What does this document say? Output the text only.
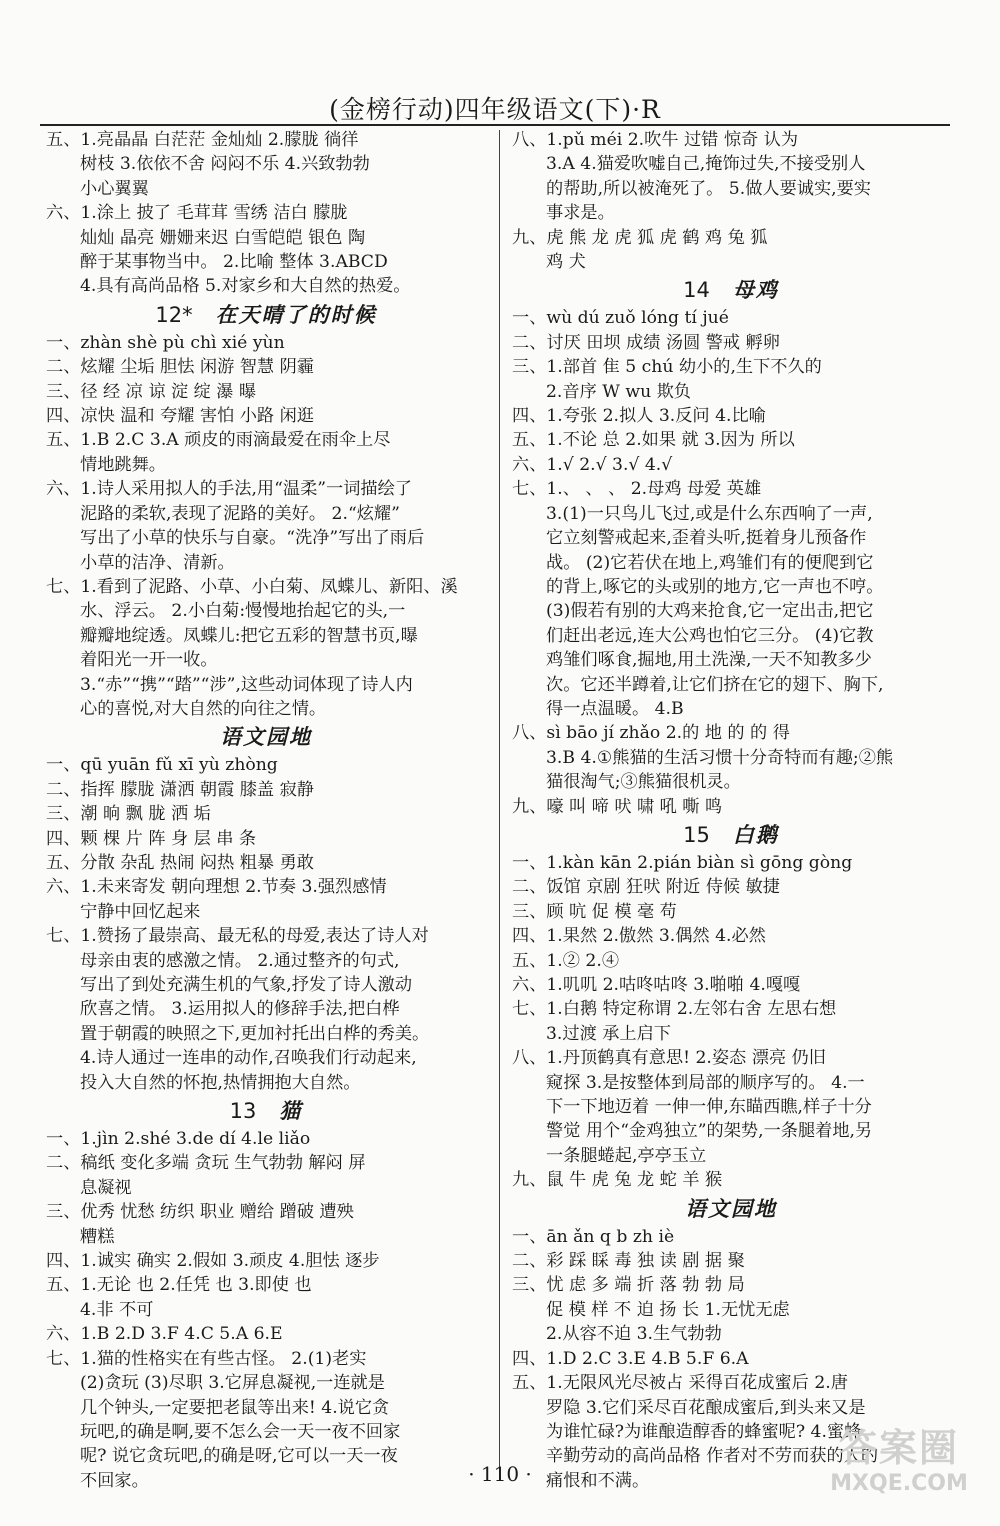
(金榜行动)四年级语文(下)·R
五、1.亮晶晶 白茫茫 金灿灿 2.朦胧 徜徉
树枝 3.依依不舍 闷闷不乐 4.兴致勃勃
小心翼翼
六、1.涂上 披了 毛茸茸 雪绣 洁白 朦胧
灿灿 晶亮 姗姗来迟 白雪皑皑 银色 陶
醉于某事物当中。 2.比喻 整体 3.ABCD
4.具有高尚品格 5.对家乡和大自然的热爱。
12*  在天晴了的时候
一、zhàn shè pù chì xié yùn
二、炫耀 尘垢 胆怯 闲游 智慧 阴霾
三、径 经 凉 谅 淀 绽 瀑 曝
四、凉快 温和 夸耀 害怕 小路 闲逛
五、1.B 2.C 3.A 顽皮的雨滴最爱在雨伞上尽
情地跳舞。
六、1.诗人采用拟人的手法,用“温柔”一词描绘了
泥路的柔软,表现了泥路的美好。 2.“炫耀”
写出了小草的快乐与自豪。“洗净”写出了雨后
小草的洁净、清新。
七、1.看到了泥路、小草、小白菊、凤蝶儿、新阳、溪
水、浮云。 2.小白菊:慢慢地抬起它的头,一
瓣瓣地绽透。凤蝶儿:把它五彩的智慧书页,曝
着阳光一开一收。
3.“赤”“携”“踏”“涉”,这些动词体现了诗人内
心的喜悦,对大自然的向往之情。
语文园地
一、qū yuān fǔ xī yù zhòng
二、指挥 朦胧 潇洒 朝霞 膝盖 寂静
三、潮 晌 飘 胧 洒 垢
四、颗 棵 片 阵 身 层 串 条
五、分散 杂乱 热闹 闷热 粗暴 勇敢
六、1.未来寄发 朝向理想 2.节奏 3.强烈感情
宁静中回忆起来
七、1.赞扬了最崇高、最无私的母爱,表达了诗人对
母亲由衷的感激之情。 2.通过整齐的句式,
写出了到处充满生机的气象,抒发了诗人激动
欣喜之情。 3.运用拟人的修辞手法,把白桦
置于朝霞的映照之下,更加衬托出白桦的秀美。
4.诗人通过一连串的动作,召唤我们行动起来,
投入大自然的怀抱,热情拥抱大自然。
13  猫
一、1.jìn 2.shé 3.de dí 4.le liǎo
二、稿纸 变化多端 贪玩 生气勃勃 解闷 屏
息凝视
三、优秀 忧愁 纺织 职业 赠给 蹭破 遭殃
糟糕
四、1.诚实 确实 2.假如 3.顽皮 4.胆怯 逐步
五、1.无论 也 2.任凭 也 3.即使 也
4.非 不可
六、1.B 2.D 3.F 4.C 5.A 6.E
七、1.猫的性格实在有些古怪。 2.(1)老实
(2)贪玩 (3)尽职 3.它屏息凝视,一连就是
几个钟头,一定要把老鼠等出来! 4.说它贪
玩吧,的确是啊,要不怎么会一天一夜不回家
呢? 说它贪玩吧,的确是呀,它可以一天一夜
不回家。
八、1.pǔ méi 2.吹牛 过错 惊奇 认为
3.A 4.猫爱吹嘘自己,掩饰过失,不接受别人
的帮助,所以被淹死了。 5.做人要诚实,要实
事求是。
九、虎 熊 龙 虎 狐 虎 鹤 鸡 兔 狐
鸡 犬
14  母鸡
一、wù dú zuǒ lóng tí jué
二、讨厌 田坝 成绩 汤圆 警戒 孵卵
三、1.部首 隹 5 chú 幼小的,生下不久的
2.音序 W wu 欺负
四、1.夸张 2.拟人 3.反问 4.比喻
五、1.不论 总 2.如果 就 3.因为 所以
六、1.√ 2.√ 3.√ 4.√
七、1.、 、 、 2.母鸡 母爱 英雄
3.(1)一只鸟儿飞过,或是什么东西响了一声,
它立刻警戒起来,歪着头听,挺着身儿预备作
战。 (2)它若伏在地上,鸡雏们有的便爬到它
的背上,啄它的头或别的地方,它一声也不哼。
(3)假若有别的大鸡来抢食,它一定出击,把它
们赶出老远,连大公鸡也怕它三分。 (4)它教
鸡雏们啄食,掘地,用土洗澡,一天不知教多少
次。它还半蹲着,让它们挤在它的翅下、胸下,
得一点温暖。 4.B
八、sì bāo jí zhǎo 2.的 地 的 的 得
3.B 4.①熊猫的生活习惯十分奇特而有趣;②熊
猫很淘气;③熊猫很机灵。
九、嚎 叫 啼 吠 啸 吼 嘶 鸣
15  白鹅
一、1.kàn kān 2.pián biàn sì gōng gòng
二、饭馆 京剧 狂吠 附近 侍候 敏捷
三、顾 吭 促 模 毫 苟
四、1.果然 2.傲然 3.偶然 4.必然
五、1.② 2.④
六、1.叽叽 2.咕咚咕咚 3.啪啪 4.嘎嘎
七、1.白鹅 特定称谓 2.左邻右舍 左思右想
3.过渡 承上启下
八、1.丹顶鹤真有意思! 2.姿态 漂亮 仍旧
窥探 3.是按整体到局部的顺序写的。 4.一
下一下地迈着 一伸一伸,东瞄西瞧,样子十分
警觉 用个“金鸡独立”的架势,一条腿着地,另
一条腿蜷起,亭亭玉立
九、鼠 牛 虎 兔 龙 蛇 羊 猴
语文园地
一、ān ǎn q b zh iè
二、彩 踩 睬 毒 独 读 剧 据 聚
三、忧 虑 多 端 折 落 勃 勃 局
促 模 样 不 迫 扬 长 1.无忧无虑
2.从容不迫 3.生气勃勃
四、1.D 2.C 3.E 4.B 5.F 6.A
五、1.无限风光尽被占 采得百花成蜜后 2.唐
罗隐 3.它们采尽百花酿成蜜后,到头来又是
为谁忙碌?为谁酿造醇香的蜂蜜呢? 4.蜜蜂
辛勤劳动的高尚品格 作者对不劳而获的人的
痛恨和不满。
· 110 ·
答案圈
MXQE.COM
